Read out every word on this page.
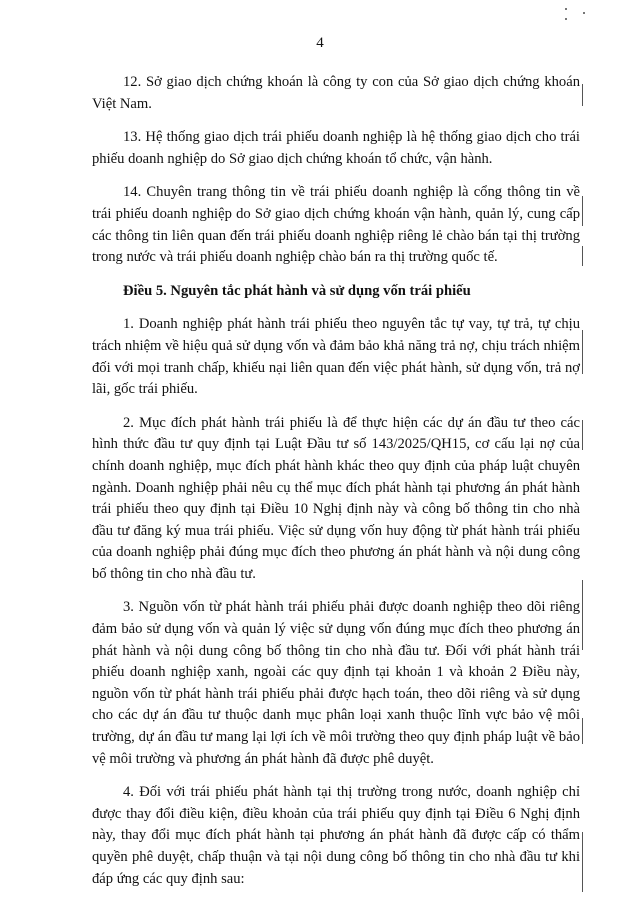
4

12. Sở giao dịch chứng khoán là công ty con của Sở giao dịch chứng khoán Việt Nam.

13. Hệ thống giao dịch trái phiếu doanh nghiệp là hệ thống giao dịch cho trái phiếu doanh nghiệp do Sở giao dịch chứng khoán tổ chức, vận hành.

14. Chuyên trang thông tin về trái phiếu doanh nghiệp là cổng thông tin về trái phiếu doanh nghiệp do Sở giao dịch chứng khoán vận hành, quản lý, cung cấp các thông tin liên quan đến trái phiếu doanh nghiệp riêng lẻ chào bán tại thị trường trong nước và trái phiếu doanh nghiệp chào bán ra thị trường quốc tế.

Điều 5. Nguyên tắc phát hành và sử dụng vốn trái phiếu

1. Doanh nghiệp phát hành trái phiếu theo nguyên tắc tự vay, tự trả, tự chịu trách nhiệm về hiệu quả sử dụng vốn và đảm bảo khả năng trả nợ, chịu trách nhiệm đối với mọi tranh chấp, khiếu nại liên quan đến việc phát hành, sử dụng vốn, trả nợ lãi, gốc trái phiếu.

2. Mục đích phát hành trái phiếu là để thực hiện các dự án đầu tư theo các hình thức đầu tư quy định tại Luật Đầu tư số 143/2025/QH15, cơ cấu lại nợ của chính doanh nghiệp, mục đích phát hành khác theo quy định của pháp luật chuyên ngành. Doanh nghiệp phải nêu cụ thể mục đích phát hành tại phương án phát hành trái phiếu theo quy định tại Điều 10 Nghị định này và công bố thông tin cho nhà đầu tư đăng ký mua trái phiếu. Việc sử dụng vốn huy động từ phát hành trái phiếu của doanh nghiệp phải đúng mục đích theo phương án phát hành và nội dung công bố thông tin cho nhà đầu tư.

3. Nguồn vốn từ phát hành trái phiếu phải được doanh nghiệp theo dõi riêng đảm bảo sử dụng vốn và quản lý việc sử dụng vốn đúng mục đích theo phương án phát hành và nội dung công bố thông tin cho nhà đầu tư. Đối với phát hành trái phiếu doanh nghiệp xanh, ngoài các quy định tại khoản 1 và khoản 2 Điều này, nguồn vốn từ phát hành trái phiếu phải được hạch toán, theo dõi riêng và sử dụng cho các dự án đầu tư thuộc danh mục phân loại xanh thuộc lĩnh vực bảo vệ môi trường, dự án đầu tư mang lại lợi ích về môi trường theo quy định pháp luật về bảo vệ môi trường và phương án phát hành đã được phê duyệt.

4. Đối với trái phiếu phát hành tại thị trường trong nước, doanh nghiệp chỉ được thay đổi điều kiện, điều khoản của trái phiếu quy định tại Điều 6 Nghị định này, thay đổi mục đích phát hành tại phương án phát hành đã được cấp có thẩm quyền phê duyệt, chấp thuận và tại nội dung công bố thông tin cho nhà đầu tư khi đáp ứng các quy định sau:
